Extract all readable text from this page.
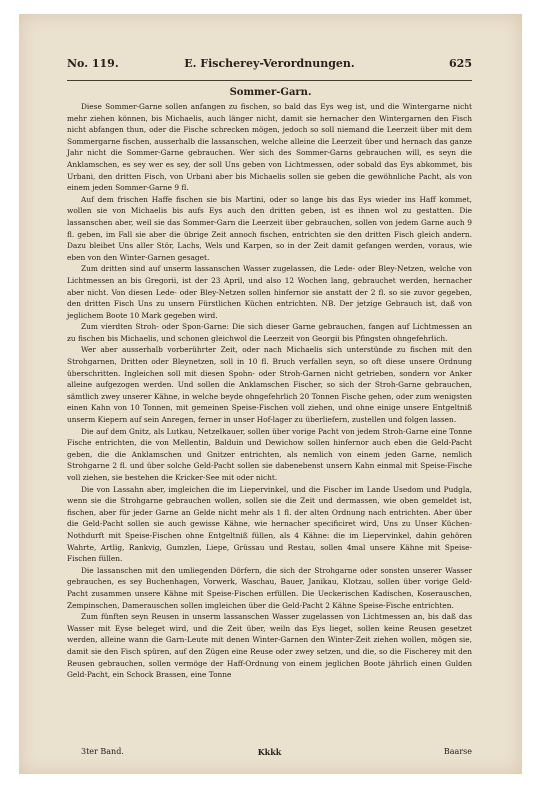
No. 119.	E. Fischerey-Verordnungen.	625
Sommer-Garn.

Diese Sommer-Garne sollen anfangen zu fischen, so bald das Eys weg ist, und die Wintergarne nicht mehr ziehen können, bis Michaelis, auch länger nicht, damit sie hernacher den Wintergarnen den Fisch nicht abfangen thun, oder die Fische schrecken mögen, jedoch so soll niemand die Leerzeit über mit dem Sommergarne fischen, ausserhalb die lassanschen, welche alleine die Leerzeit über und hernach das ganze Jahr nicht die Sommer-Garne gebrauchen. Wer sich des Sommer-Garns gebrauchen will, es seyn die Anklamschen, es sey wer es sey, der soll Uns geben von Lichtmessen, oder sobald das Eys abkommet, bis Urbani, den dritten Fisch, von Urbani aber bis Michaelis sollen sie geben die gewöhnliche Pacht, als von einem jeden Sommer-Garne 9 fl.

Auf dem frischen Haffe fischen sie bis Martini, oder so lange bis das Eys wieder ins Haff kommet, wollen sie von Michaelis bis aufs Eys auch den dritten geben, ist es ihnen wol zu gestatten. Die lassanschen aber, weil sie das Sommer-Garn die Leerzeit über gebrauchen, sollen von jedem Garne auch 9 fl. geben, im Fall sie aber die übrige Zeit annoch fischen, entrichten sie den dritten Fisch gleich andern. Dazu bleibet Uns aller Stör, Lachs, Wels und Karpen, so in der Zeit damit gefangen werden, voraus, wie eben von den Winter-Garnen gesaget.

Zum dritten sind auf unserm lassanschen Wasser zugelassen, die Lede- oder Bley-Netzen, welche von Lichtmessen an bis Gregorii, ist der 23 April, und also 12 Wochen lang, gebrauchet werden, hernacher aber nicht. Von diesen Lede- oder Bley-Netzen sollen hinfernor sie anstatt der 2 fl. so sie zuvor gegeben, den dritten Fisch Uns zu unsern Fürstlichen Küchen entrichten. NB. Der jetzige Gebrauch ist, daß von jeglichem Boote 10 Mark gegeben wird.

Zum vierdten Stroh- oder Spon-Garne: Die sich dieser Garne gebrauchen, fangen auf Lichtmessen an zu fischen bis Michaelis, und schonen gleichwol die Leerzeit von Georgii bis Pfingsten ohngefehrlich.

Wer aber ausserhalb vorberührter Zeit, oder nach Michaelis sich unterstünde zu fischen mit den Strohgarnen, Dritten oder Bleynetzen, soll in 10 fl. Bruch verfallen seyn, so oft diese unsere Ordnung überschritten. Ingleichen soll mit diesen Spohn- oder Stroh-Garnen nicht getrieben, sondern vor Anker alleine aufgezogen werden. Und sollen die Anklamschen Fischer, so sich der Stroh-Garne gebrauchen, sämtlich zwey unserer Kähne, in welche beyde ohngefehrlich 20 Tonnen Fische gehen, oder zum wenigsten einen Kahn von 10 Tonnen, mit gemeinen Speise-Fischen voll ziehen, und ohne einige unsere Entgeltniß unserm Kiepern auf sein Anregen, ferner in unser Hof-lager zu überliefern, zustellen und folgen lassen.

Die auf dem Gnitz, als Lutkau, Netzelkauer, sollen über vorige Pacht von jedem Stroh-Garne eine Tonne Fische entrichten, die von Mellentin, Balduin und Dewichow sollen hinfernor auch eben die Geld-Pacht geben, die die Anklamschen und Gnitzer entrichten, als nemlich von einem jeden Garne, nemlich Strohgarne 2 fl. und über solche Geld-Pacht sollen sie dabenebenst unsern Kahn einmal mit Speise-Fische voll ziehen, sie bestehen die Kricker-See mit oder nicht.

Die von Lassahn aber, imgleichen die im Liepervinkel, und die Fischer im Lande Usedom und Pudgla, wenn sie die Strohgarne gebrauchen wollen, sollen sie die Zeit und dermassen, wie oben gemeldet ist, fischen, aber für jeder Garne an Gelde nicht mehr als 1 fl. der alten Ordnung nach entrichten. Aber über die Geld-Pacht sollen sie auch gewisse Kähne, wie hernacher specificiret wird, Uns zu Unser Küchen-Nothdurft mit Speise-Fischen ohne Entgeltniß füllen, als 4 Kähne: die im Liepervinkel, dahin gehören Wahrte, Artlig, Rankvig, Gumzlen, Liepe, Grüssau und Restau, sollen 4mal unsere Kähne mit Speise-Fischen füllen.

Die lassanschen mit den umliegenden Dörfern, die sich der Strohgarne oder sonsten unserer Wasser gebrauchen, es sey Buchenhagen, Vorwerk, Waschau, Bauer, Janikau, Klotzau, sollen über vorige Geld-Pacht zusammen unsere Kähne mit Speise-Fischen erfüllen. Die Ueckerischen Kadischen, Koserauschen, Zempinschen, Damerauschen sollen imgleichen über die Geld-Pacht 2 Kähne Speise-Fische entrichten.

Zum fünften seyn Reusen in unserm lassanschen Wasser zugelassen von Lichtmessen an, bis daß das Wasser mit Eyse beleget wird, und die Zeit über, weiln das Eys lieget, sollen keine Reusen gesetzet werden, alleine wann die Garn-Leute mit denen Winter-Garnen den Winter-Zeit ziehen wollen, mögen sie, damit sie den Fisch spüren, auf den Zügen eine Reuse oder zwey setzen, und die, so die Fischerey mit den Reusen gebrauchen, sollen vermöge der Haff-Ordnung von einem jeglichen Boote jährlich einen Gulden Geld-Pacht, ein Schock Brassen, eine Tonne

3ter Band.	Kkkk	Baarse
